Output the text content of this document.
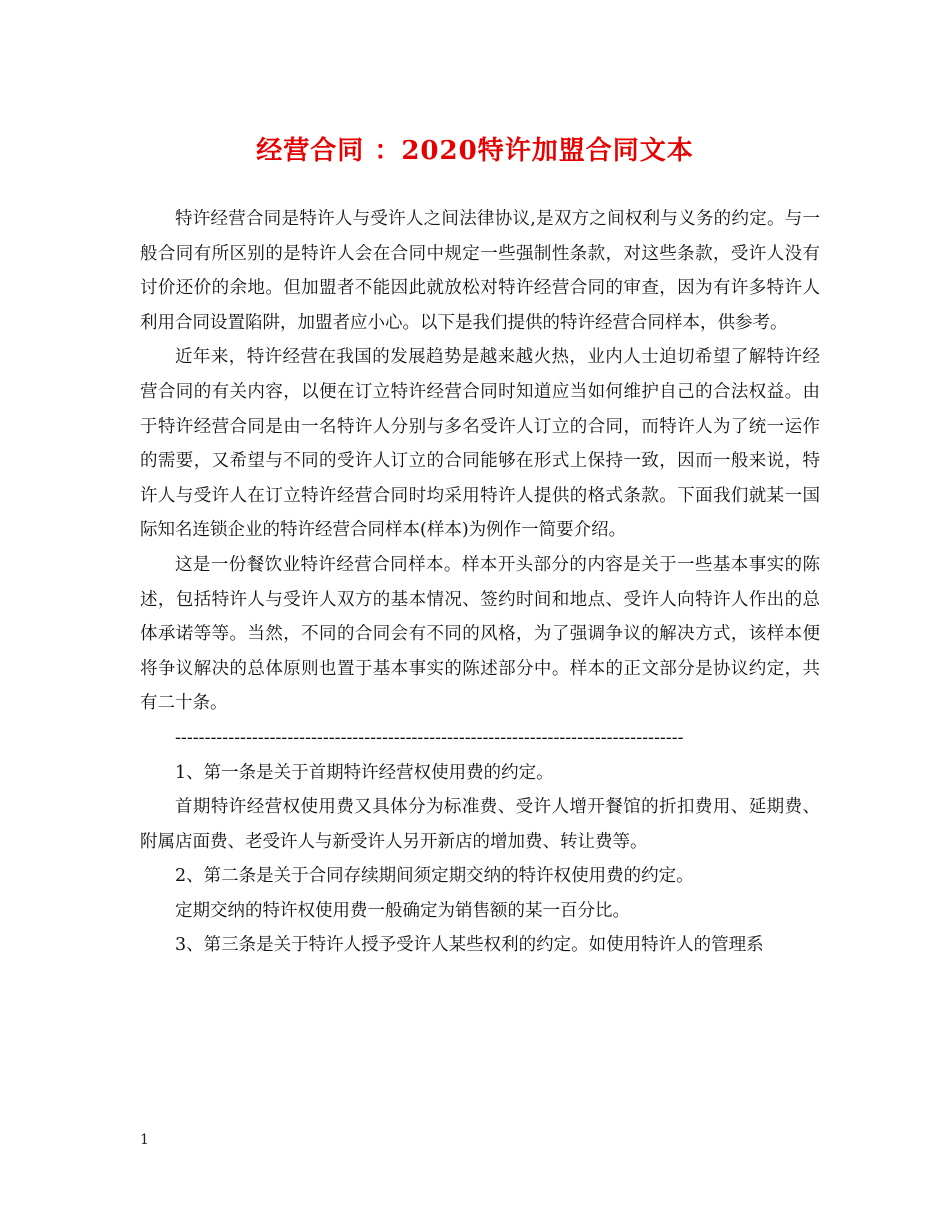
经营合同 ：2020特许加盟合同文本

特许经营合同是特许人与受许人之间法律协议,是双方之间权利与义务的约定。与一般合同有所区别的是特许人会在合同中规定一些强制性条款，对这些条款，受许人没有讨价还价的余地。但加盟者不能因此就放松对特许经营合同的审查，因为有许多特许人利用合同设置陷阱，加盟者应小心。以下是我们提供的特许经营合同样本，供参考。

近年来，特许经营在我国的发展趋势是越来越火热，业内人士迫切希望了解特许经营合同的有关内容，以便在订立特许经营合同时知道应当如何维护自己的合法权益。由于特许经营合同是由一名特许人分别与多名受许人订立的合同，而特许人为了统一运作的需要，又希望与不同的受许人订立的合同能够在形式上保持一致，因而一般来说，特许人与受许人在订立特许经营合同时均采用特许人提供的格式条款。下面我们就某一国际知名连锁企业的特许经营合同样本(样本)为例作一简要介绍。

这是一份餐饮业特许经营合同样本。样本开头部分的内容是关于一些基本事实的陈述，包括特许人与受许人双方的基本情况、签约时间和地点、受许人向特许人作出的总体承诺等等。当然，不同的合同会有不同的风格，为了强调争议的解决方式，该样本便将争议解决的总体原则也置于基本事实的陈述部分中。样本的正文部分是协议约定，共有二十条。

--------------------------------------------------------------------------------------

1、第一条是关于首期特许经营权使用费的约定。

首期特许经营权使用费又具体分为标准费、受许人增开餐馆的折扣费用、延期费、附属店面费、老受许人与新受许人另开新店的增加费、转让费等。

2、第二条是关于合同存续期间须定期交纳的特许权使用费的约定。

定期交纳的特许权使用费一般确定为销售额的某一百分比。

3、第三条是关于特许人授予受许人某些权利的约定。如使用特许人的管理系

1
